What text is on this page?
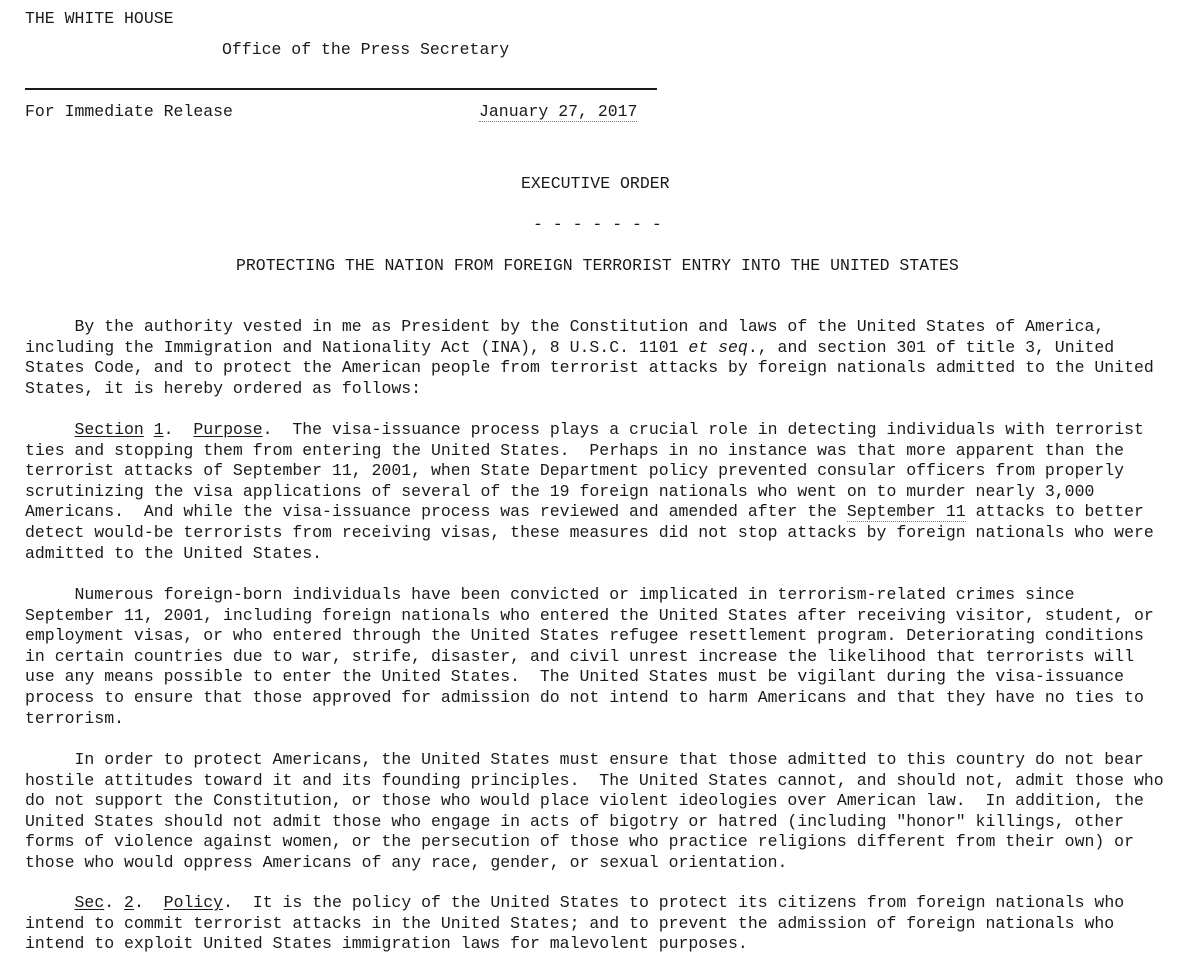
THE WHITE HOUSE
Office of the Press Secretary
For Immediate Release	January 27, 2017
EXECUTIVE ORDER
- - - - - - -
PROTECTING THE NATION FROM FOREIGN TERRORIST ENTRY INTO THE UNITED STATES
By the authority vested in me as President by the Constitution and laws of the United States of America,
including the Immigration and Nationality Act (INA), 8 U.S.C. 1101 et seq., and section 301 of title 3, United
States Code, and to protect the American people from terrorist attacks by foreign nationals admitted to the United
States, it is hereby ordered as follows:
Section 1.  Purpose.  The visa-issuance process plays a crucial role in detecting individuals with terrorist
ties and stopping them from entering the United States.  Perhaps in no instance was that more apparent than the
terrorist attacks of September 11, 2001, when State Department policy prevented consular officers from properly
scrutinizing the visa applications of several of the 19 foreign nationals who went on to murder nearly 3,000
Americans.  And while the visa-issuance process was reviewed and amended after the September 11 attacks to better
detect would-be terrorists from receiving visas, these measures did not stop attacks by foreign nationals who were
admitted to the United States.
Numerous foreign-born individuals have been convicted or implicated in terrorism-related crimes since
September 11, 2001, including foreign nationals who entered the United States after receiving visitor, student, or
employment visas, or who entered through the United States refugee resettlement program. Deteriorating conditions
in certain countries due to war, strife, disaster, and civil unrest increase the likelihood that terrorists will
use any means possible to enter the United States.  The United States must be vigilant during the visa-issuance
process to ensure that those approved for admission do not intend to harm Americans and that they have no ties to
terrorism.
In order to protect Americans, the United States must ensure that those admitted to this country do not bear
hostile attitudes toward it and its founding principles.  The United States cannot, and should not, admit those who
do not support the Constitution, or those who would place violent ideologies over American law.  In addition, the
United States should not admit those who engage in acts of bigotry or hatred (including "honor" killings, other
forms of violence against women, or the persecution of those who practice religions different from their own) or
those who would oppress Americans of any race, gender, or sexual orientation.
Sec. 2.  Policy.  It is the policy of the United States to protect its citizens from foreign nationals who
intend to commit terrorist attacks in the United States; and to prevent the admission of foreign nationals who
intend to exploit United States immigration laws for malevolent purposes.
